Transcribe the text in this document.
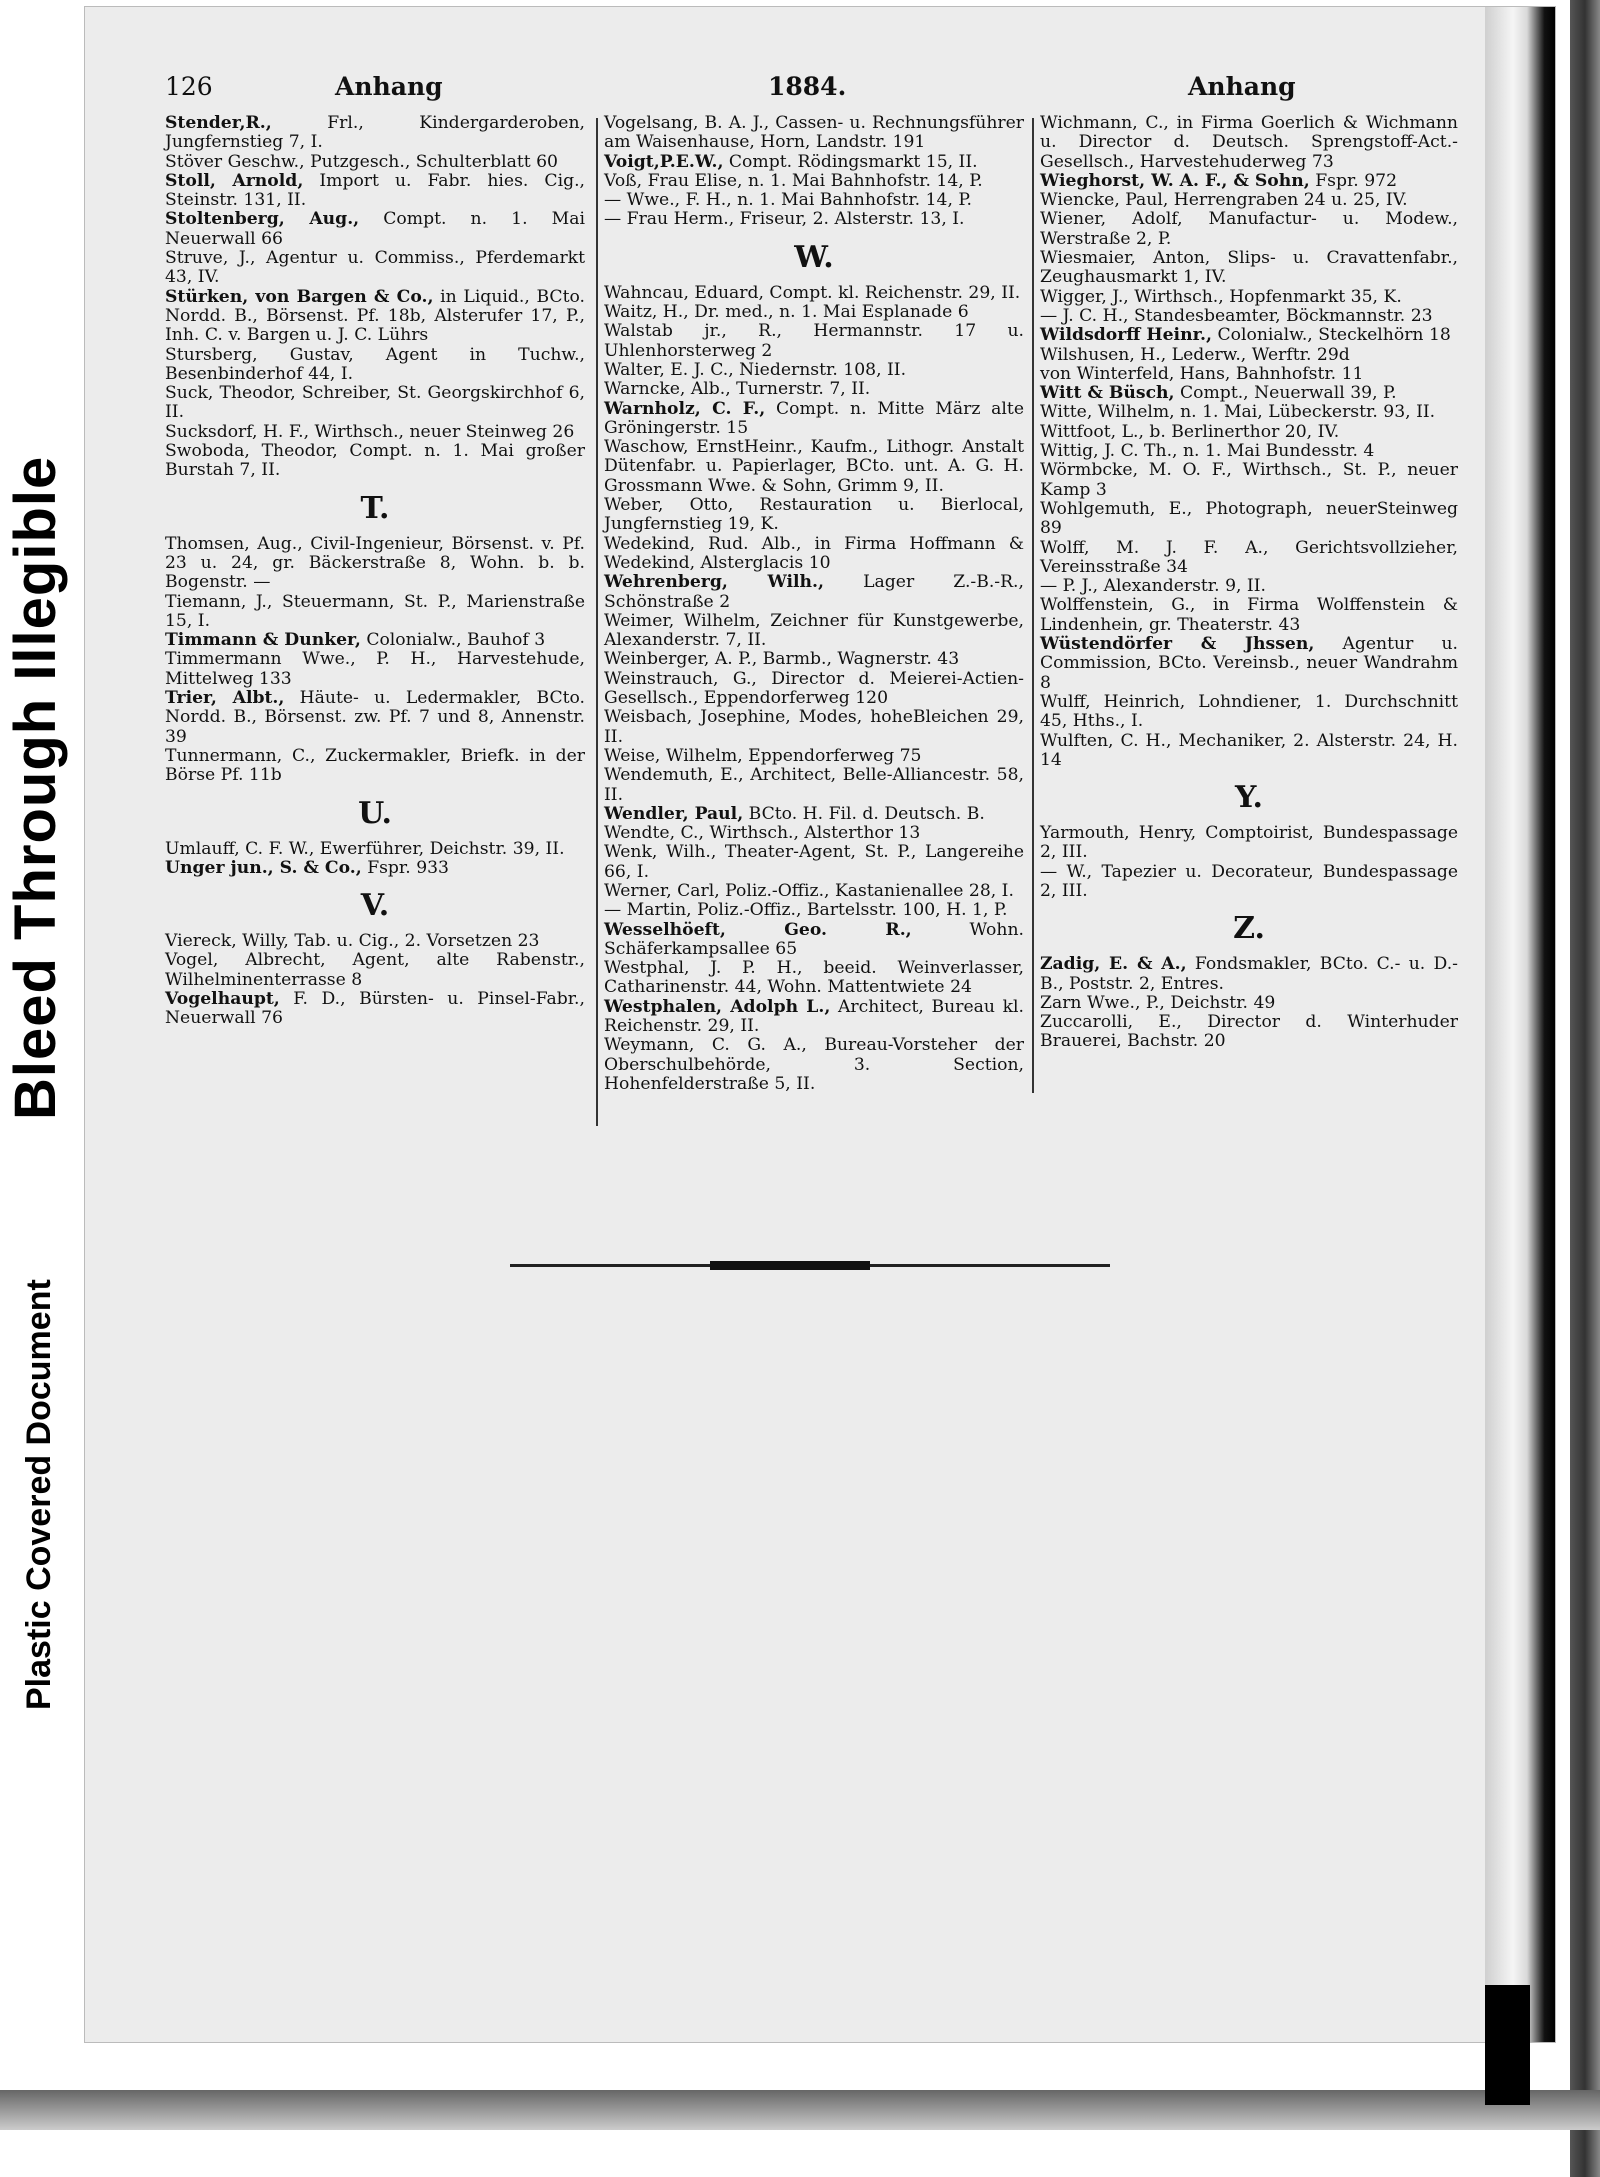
Bleed Through Illegible
Plastic Covered Document
126	Anhang	1884.	Anhang
Stender,R.,	Frl., Kindergarderoben, Jungfernstieg 7, I.
Stöver Geschw., Putzgesch., Schulterblatt 60
Stoll, Arnold, Import u. Fabr. hies. Cig., Steinstr. 131, II.
Stoltenberg, Aug., Compt. n. 1. Mai Neuerwall 66
Struve, J., Agentur u. Commiss., Pferdemarkt 43, IV.
Stürken, von Bargen & Co., in Liquid., BCto. Nordd. B., Börsenst. Pf. 18b, Alsterufer 17, P., Inh. C. v. Bargen u. J. C. Lührs
Stursberg, Gustav, Agent in Tuchw., Besenbinderhof 44, I.
Suck, Theodor, Schreiber, St. Georgskirchhof 6, II.
Sucksdorf, H. F., Wirthsch., neuer Steinweg 26
Swoboda, Theodor, Compt. n. 1. Mai großer Burstah 7, II.
T.
Thomsen, Aug., Civil-Ingenieur, Börsenst. v. Pf. 23 u. 24, gr. Bäckerstraße 8, Wohn. b. b. Bogenstr. —
Tiemann, J., Steuermann, St. P., Marienstraße 15, I.
Timmann & Dunker, Colonialw., Bauhof 3
Timmermann Wwe., P. H., Harvestehude, Mittelweg 133
Trier, Albt., Häute- u. Ledermakler, BCto. Nordd. B., Börsenst. zw. Pf. 7 und 8, Annenstr. 39
Tunnermann, C., Zuckermakler, Briefk. in der Börse Pf. 11b
U.
Umlauff, C. F. W., Ewerführer, Deichstr. 39, II.
Unger jun., S. & Co., Fspr. 933
V.
Viereck, Willy, Tab. u. Cig., 2. Vorsetzen 23
Vogel, Albrecht, Agent, alte Rabenstr., Wilhelminenterrasse 8
Vogelhaupt, F. D., Bürsten- u. Pinsel-Fabr., Neuerwall 76
Vogelsang, B. A. J., Cassen- u. Rechnungsführer am Waisenhause, Horn, Landstr. 191
Voigt,P.E.W., Compt. Rödingsmarkt 15, II.
Voß, Frau Elise, n. 1. Mai Bahnhofstr. 14, P.
— Wwe., F. H., n. 1. Mai Bahnhofstr. 14, P.
— Frau Herm., Friseur, 2. Alsterstr. 13, I.
W.
Wahncau, Eduard, Compt. kl. Reichenstr. 29, II.
Waitz, H., Dr. med., n. 1. Mai Esplanade 6
Walstab jr., R., Hermannstr. 17 u. Uhlenhorsterweg 2
Walter, E. J. C., Niedernstr. 108, II.
Warncke, Alb., Turnerstr. 7, II.
Warnholz, C. F., Compt. n. Mitte März alte Gröningerstr. 15
Waschow, ErnstHeinr., Kaufm., Lithogr. Anstalt Dütenfabr. u. Papierlager, BCto. unt. A. G. H. Grossmann Wwe. & Sohn, Grimm 9, II.
Weber, Otto, Restauration u. Bierlocal, Jungfernstieg 19, K.
Wedekind, Rud. Alb., in Firma Hoffmann & Wedekind, Alsterglacis 10
Wehrenberg, Wilh., Lager Z.-B.-R., Schönstraße 2
Weimer, Wilhelm, Zeichner für Kunstgewerbe, Alexanderstr. 7, II.
Weinberger, A. P., Barmb., Wagnerstr. 43
Weinstrauch, G., Director d. Meierei-Actien-Gesellsch., Eppendorferweg 120
Weisbach, Josephine, Modes, hoheBleichen 29, II.
Weise, Wilhelm, Eppendorferweg 75
Wendemuth, E., Architect, Belle-Alliancestr. 58, II.
Wendler, Paul, BCto. H. Fil. d. Deutsch. B.
Wendte, C., Wirthsch., Alsterthor 13
Wenk, Wilh., Theater-Agent, St. P., Langereihe 66, I.
Werner, Carl, Poliz.-Offiz., Kastanienallee 28, I.
— Martin, Poliz.-Offiz., Bartelsstr. 100, H. 1, P.
Wesselhöeft, Geo. R.,	Wohn. Schäferkampsallee 65
Westphal, J. P. H., beeid. Weinverlasser, Catharinenstr. 44, Wohn. Mattentwiete 24
Westphalen, Adolph L., Architect, Bureau kl. Reichenstr. 29, II.
Weymann, C. G. A., Bureau-Vorsteher der Oberschulbehörde, 3. Section, Hohenfelderstraße 5, II.
Wichmann, C., in Firma Goerlich & Wichmann u. Director d. Deutsch. Sprengstoff-Act.-Gesellsch., Harvestehuderweg 73
Wieghorst, W. A. F., & Sohn, Fspr. 972
Wiencke, Paul, Herrengraben 24 u. 25, IV.
Wiener, Adolf, Manufactur- u. Modew., Werstraße 2, P.
Wiesmaier, Anton, Slips- u. Cravattenfabr., Zeughausmarkt 1, IV.
Wigger, J., Wirthsch., Hopfenmarkt 35, K.
— J. C. H., Standesbeamter, Böckmannstr. 23
Wildsdorff Heinr., Colonialw., Steckelhörn 18
Wilshusen, H., Lederw., Werftr. 29d
von Winterfeld, Hans, Bahnhofstr. 11
Witt & Büsch, Compt., Neuerwall 39, P.
Witte, Wilhelm, n. 1. Mai, Lübeckerstr. 93, II.
Wittfoot, L., b. Berlinerthor 20, IV.
Wittig, J. C. Th., n. 1. Mai Bundesstr. 4
Wörmbcke, M. O. F., Wirthsch., St. P., neuer Kamp 3
Wohlgemuth, E., Photograph, neuerSteinweg 89
Wolff, M. J. F. A., Gerichtsvollzieher, Vereinsstraße 34
— P. J., Alexanderstr. 9, II.
Wolffenstein, G., in Firma Wolffenstein & Lindenhein, gr. Theaterstr. 43
Wüstendörfer & Jhssen, Agentur u. Commission, BCto. Vereinsb., neuer Wandrahm 8
Wulff, Heinrich, Lohndiener, 1. Durchschnitt 45, Hths., I.
Wulften, C. H., Mechaniker, 2. Alsterstr. 24, H. 14
Y.
Yarmouth, Henry, Comptoirist, Bundespassage 2, III.
— W., Tapezier u. Decorateur, Bundespassage 2, III.
Z.
Zadig, E. & A., Fondsmakler, BCto. C.- u. D.-B., Poststr. 2, Entres.
Zarn Wwe., P., Deichstr. 49
Zuccarolli, E., Director d. Winterhuder Brauerei, Bachstr. 20
